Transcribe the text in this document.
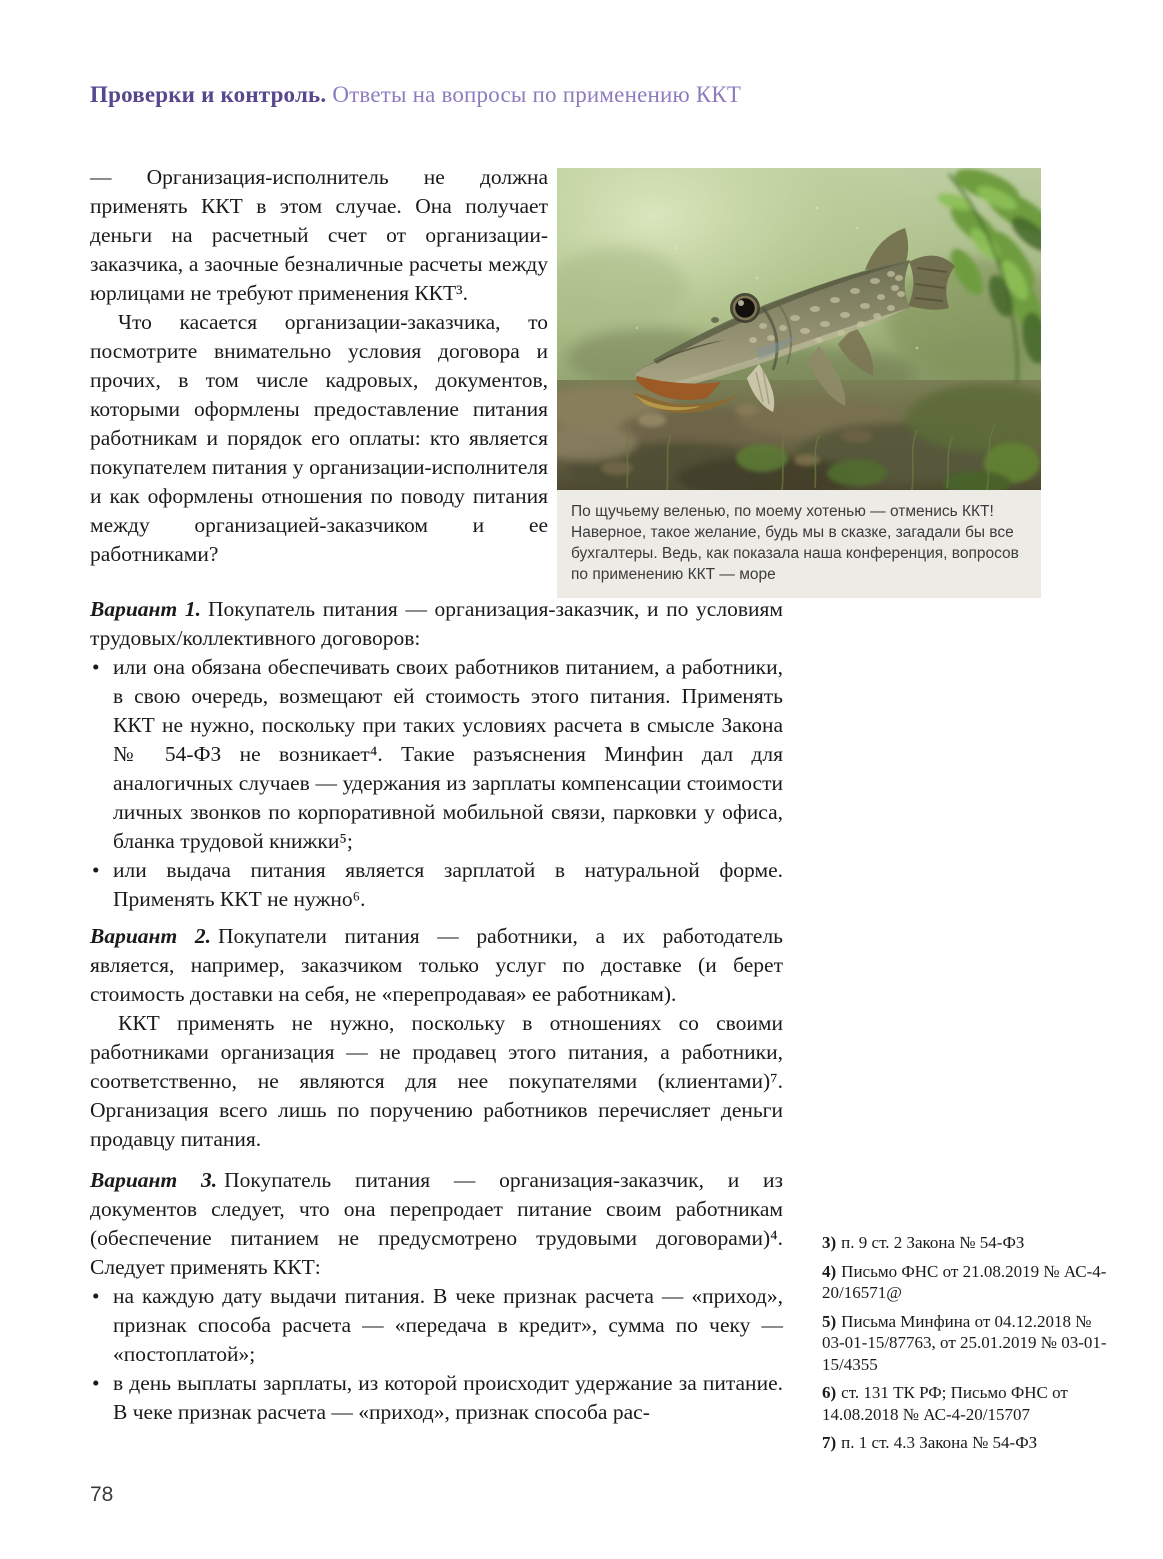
Проверки и контроль. Ответы на вопросы по применению ККТ

— Организация-исполнитель не должна применять ККТ в этом случае. Она получает деньги на расчетный счет от организации-заказчика, а заочные безналичные расчеты между юрлицами не требуют применения ККТ³.

Что касается организации-заказчика, то посмотрите внимательно условия договора и прочих, в том числе кадровых, документов, которыми оформлены предоставление питания работникам и порядок его оплаты: кто является покупателем питания у организации-исполнителя и как оформлены отношения по поводу питания между организацией-заказчиком и ее работниками?

По щучьему веленью, по моему хотенью — отменись ККТ! Наверное, такое желание, будь мы в сказке, загадали бы все бухгалтеры. Ведь, как показала наша конференция, вопросов по применению ККТ — море

Вариант 1. Покупатель питания — организация-заказчик, и по условиям трудовых/коллективного договоров:

• или она обязана обеспечивать своих работников питанием, а работники, в свою очередь, возмещают ей стоимость этого питания. Применять ККТ не нужно, поскольку при таких условиях расчета в смысле Закона № 54-ФЗ не возникает⁴. Такие разъяснения Минфин дал для аналогичных случаев — удержания из зарплаты компенсации стоимости личных звонков по корпоративной мобильной связи, парковки у офиса, бланка трудовой книжки⁵;
• или выдача питания является зарплатой в натуральной форме. Применять ККТ не нужно⁶.

Вариант 2. Покупатели питания — работники, а их работодатель является, например, заказчиком только услуг по доставке (и берет стоимость доставки на себя, не «перепродавая» ее работникам).

ККТ применять не нужно, поскольку в отношениях со своими работниками организация — не продавец этого питания, а работники, соответственно, не являются для нее покупателями (клиентами)⁷. Организация всего лишь по поручению работников перечисляет деньги продавцу питания.

Вариант 3. Покупатель питания — организация-заказчик, и из документов следует, что она перепродает питание своим работникам (обеспечение питанием не предусмотрено трудовыми договорами)⁴. Следует применять ККТ:

• на каждую дату выдачи питания. В чеке признак расчета — «приход», признак способа расчета — «передача в кредит», сумма по чеку — «постоплатой»;
• в день выплаты зарплаты, из которой происходит удержание за питание. В чеке признак расчета — «приход», признак способа рас-

3) п. 9 ст. 2 Закона № 54-ФЗ

4) Письмо ФНС от 21.08.2019 № АС-4-20/16571@

5) Письма Минфина от 04.12.2018 № 03-01-15/87763, от 25.01.2019 № 03-01-15/4355

6) ст. 131 ТК РФ; Письмо ФНС от 14.08.2018 № АС-4-20/15707

7) п. 1 ст. 4.3 Закона № 54-ФЗ

78
